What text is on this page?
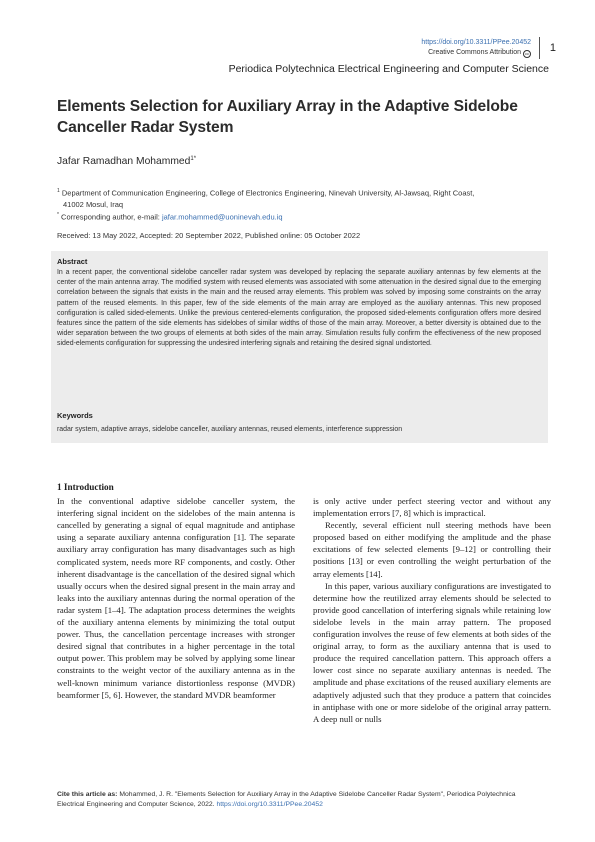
https://doi.org/10.3311/PPee.20452
Creative Commons Attribution cc	1
Periodica Polytechnica Electrical Engineering and Computer Science
Elements Selection for Auxiliary Array in the Adaptive Sidelobe Canceller Radar System
Jafar Ramadhan Mohammed$^{1*}$

$^1$ Department of Communication Engineering, College of Electronics Engineering, Ninevah University, Al-Jawsaq, Right Coast,

41002 Mosul, Iraq

* Corresponding author, e-mail: jafar.mohammed@uoninevah.edu.iq

Received: 13 May 2022, Accepted: 20 September 2022, Published online: 05 October 2022
Abstract
In a recent paper, the conventional sidelobe canceller radar system was developed by replacing the separate auxiliary antennas by few elements at the center of the main antenna array. The modified system with reused elements was associated with some attenuation in the desired signal due to the emerging correlation between the signals that exists in the main and the reused array elements. This problem was solved by imposing some constraints on the array pattern of the reused elements. In this paper, few of the side elements of the main array are employed as the auxiliary antennas. This new proposed configuration is called sided-elements. Unlike the previous centered-elements configuration, the proposed sided-elements configuration offers more desired features since the pattern of the side elements has sidelobes of similar widths of those of the main array. Moreover, a better diversity is obtained due to the wider separation between the two groups of elements at both sides of the main array. Simulation results fully confirm the effectiveness of the new proposed sided-elements configuration for suppressing the undesired interfering signals and retaining the desired signal undistorted.
Keywords
radar system, adaptive arrays, sidelobe canceller, auxiliary antennas, reused elements, interference suppression

1 Introduction

In the conventional adaptive sidelobe canceller system, the interfering signal incident on the sidelobes of the main antenna is cancelled by generating a signal of equal magnitude and antiphase using a separate auxiliary antenna configuration [1]. The separate auxiliary array configuration has many disadvantages such as high complicated system, needs more RF components, and costly. Other inherent disadvantage is the cancellation of the desired signal which usually occurs when the desired signal present in the main array and leaks into the auxiliary antennas during the normal operation of the radar system [1–4]. The adaptation process determines the weights of the auxiliary antenna elements by minimizing the total output power. Thus, the cancellation percentage increases with stronger desired signal that contributes in a higher percentage in the total output power. This problem may be solved by applying some linear constraints to the weight vector of the auxiliary antenna as in the well-known minimum variance distortionless response (MVDR) beamformer [5, 6]. However, the standard MVDR beamformer

is only active under perfect steering vector and without any implementation errors [7, 8] which is impractical.

Recently, several efficient null steering methods have been proposed based on either modifying the amplitude and the phase excitations of few selected elements [9–12] or controlling their positions [13] or even controlling the weight perturbation of the array elements [14].

In this paper, various auxiliary configurations are investigated to determine how the reutilized array elements should be selected to provide good cancellation of interfering signals while retaining low sidelobe levels in the main array pattern. The proposed configuration involves the reuse of few elements at both sides of the original array, to form as the auxiliary antenna that is used to produce the required cancellation pattern. This approach offers a lower cost since no separate auxiliary antennas is needed. The amplitude and phase excitations of the reused auxiliary elements are adaptively adjusted such that they produce a pattern that coincides in antiphase with one or more sidelobe of the original array pattern. A deep null or nulls

Cite this article as: Mohammed, J. R. "Elements Selection for Auxiliary Array in the Adaptive Sidelobe Canceller Radar System", Periodica Polytechnica Electrical Engineering and Computer Science, 2022. https://doi.org/10.3311/PPee.20452
